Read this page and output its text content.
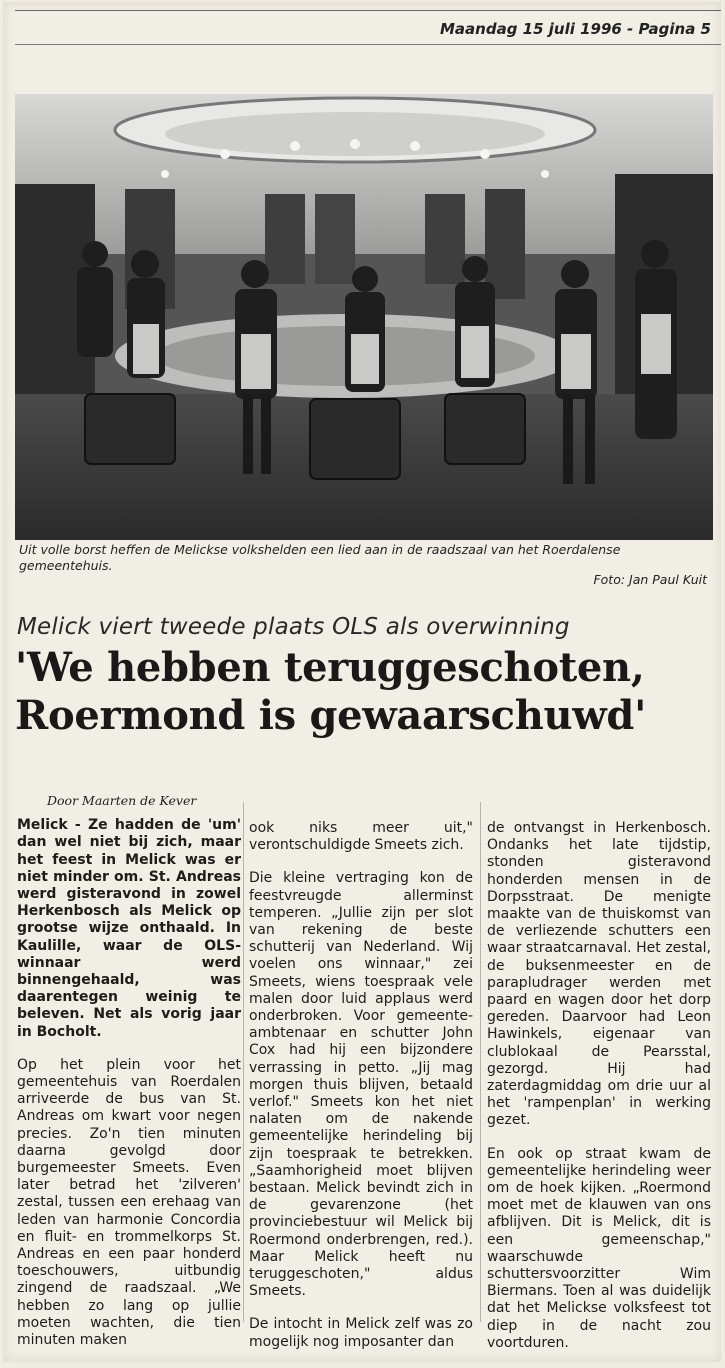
Maandag 15 juli 1996 - Pagina 5
Uit volle borst heffen de Melickse volkshelden een lied aan in de raadszaal van het Roerdalense gemeentehuis.
Foto: Jan Paul Kuit
Melick viert tweede plaats OLS als overwinning
'We hebben teruggeschoten,
Roermond is gewaarschuwd'

Door Maarten de Kever

Melick - Ze hadden de 'um' dan wel niet bij zich, maar het feest in Melick was er niet minder om. St. Andreas werd gisteravond in zowel Herkenbosch als Melick op grootse wijze onthaald. In Kaulille, waar de OLS-winnaar werd binnengehaald, was daarentegen weinig te beleven. Net als vorig jaar in Bocholt.

Op het plein voor het gemeentehuis van Roerdalen arriveerde de bus van St. Andreas om kwart voor negen precies. Zo'n tien minuten daarna gevolgd door burgemeester Smeets. Even later betrad het 'zilveren' zestal, tussen een erehaag van leden van harmonie Concordia en fluit- en trommelkorps St. Andreas en een paar honderd toeschouwers, uitbundig zingend de raadszaal. „We hebben zo lang op jullie moeten wachten, die tien minuten maken

ook niks meer uit," verontschuldigde Smeets zich.

Die kleine vertraging kon de feestvreugde allerminst temperen. „Jullie zijn per slot van rekening de beste schutterij van Nederland. Wij voelen ons winnaar," zei Smeets, wiens toespraak vele malen door luid applaus werd onderbroken. Voor gemeente-ambtenaar en schutter John Cox had hij een bijzondere verrassing in petto. „Jij mag morgen thuis blijven, betaald verlof." Smeets kon het niet nalaten om de nakende gemeentelijke herindeling bij zijn toespraak te betrekken. „Saamhorigheid moet blijven bestaan. Melick bevindt zich in de gevarenzone (het provinciebestuur wil Melick bij Roermond onderbrengen, red.). Maar Melick heeft nu teruggeschoten," aldus Smeets.

De intocht in Melick zelf was zo mogelijk nog imposanter dan

de ontvangst in Herkenbosch. Ondanks het late tijdstip, stonden gisteravond honderden mensen in de Dorpsstraat. De menigte maakte van de thuiskomst van de verliezende schutters een waar straatcarnaval. Het zestal, de buksenmeester en de parapludrager werden met paard en wagen door het dorp gereden. Daarvoor had Leon Hawinkels, eigenaar van clublokaal de Pearsstal, gezorgd. Hij had zaterdagmiddag om drie uur al het 'rampenplan' in werking gezet.

En ook op straat kwam de gemeentelijke herindeling weer om de hoek kijken. „Roermond moet met de klauwen van ons afblijven. Dit is Melick, dit is een gemeenschap," waarschuwde schuttersvoorzitter Wim Biermans. Toen al was duidelijk dat het Melickse volksfeest tot diep in de nacht zou voortduren.
